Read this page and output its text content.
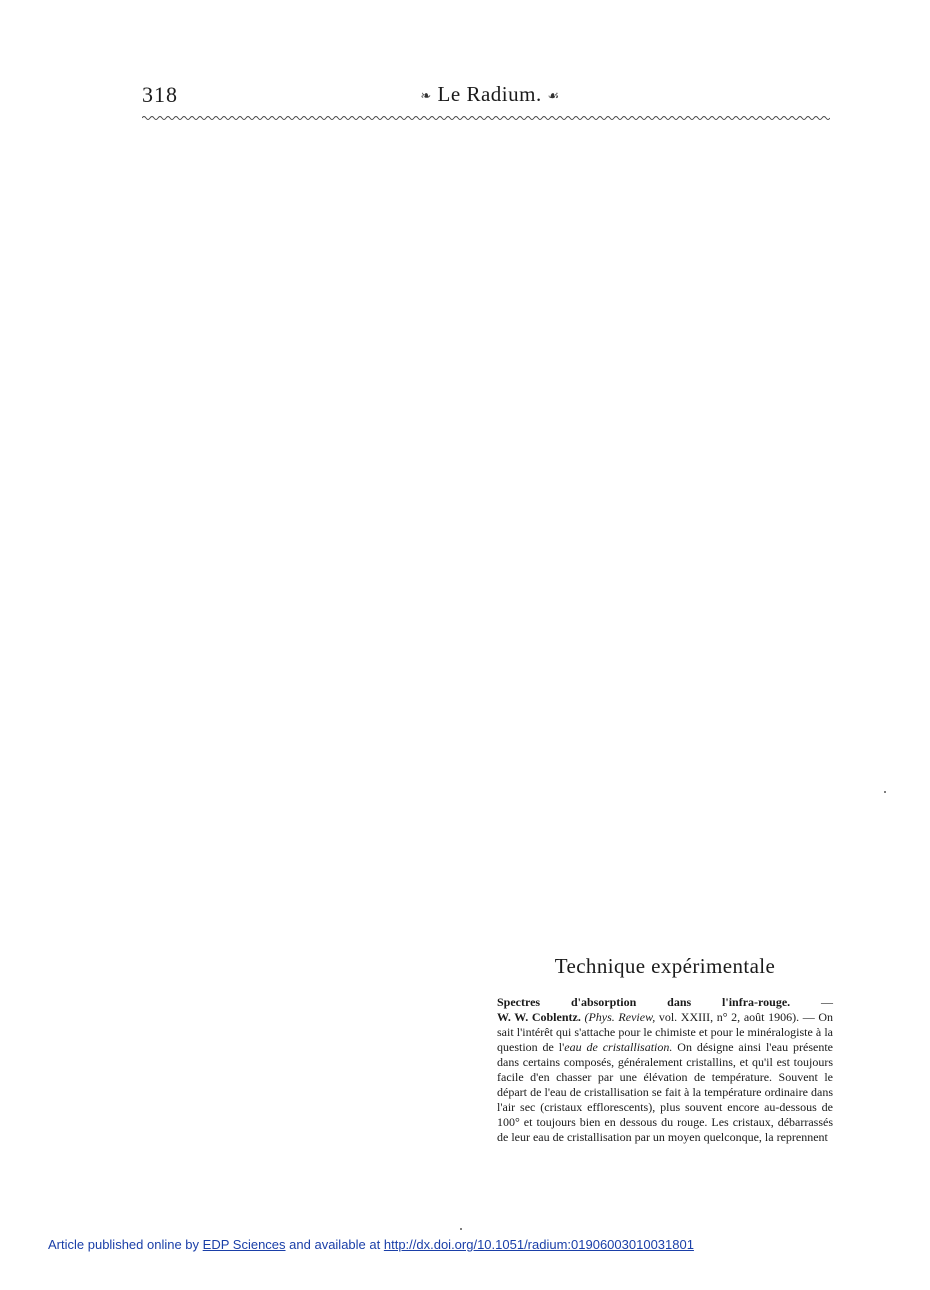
318	❧ Le Radium. ☙
Technique expérimentale
Spectres d'absorption dans l'infra-rouge. —
W. W. Coblentz. (Phys. Review, vol. XXIII, n° 2, août 1906). — On sait l'intérêt qui s'attache pour le chimiste et pour le minéralogiste à la question de l'eau de cristallisation. On désigne ainsi l'eau présente dans certains composés, généralement cristallins, et qu'il est toujours facile d'en chasser par une élévation de température. Souvent le départ de l'eau de cristallisation se fait à la température ordinaire dans l'air sec (cristaux efflorescents), plus souvent encore au-dessous de 100° et toujours bien en dessous du rouge. Les cristaux, débarrassés de leur eau de cristallisation par un moyen quelconque, la reprennent
Article published online by EDP Sciences and available at http://dx.doi.org/10.1051/radium:01906003010031801
